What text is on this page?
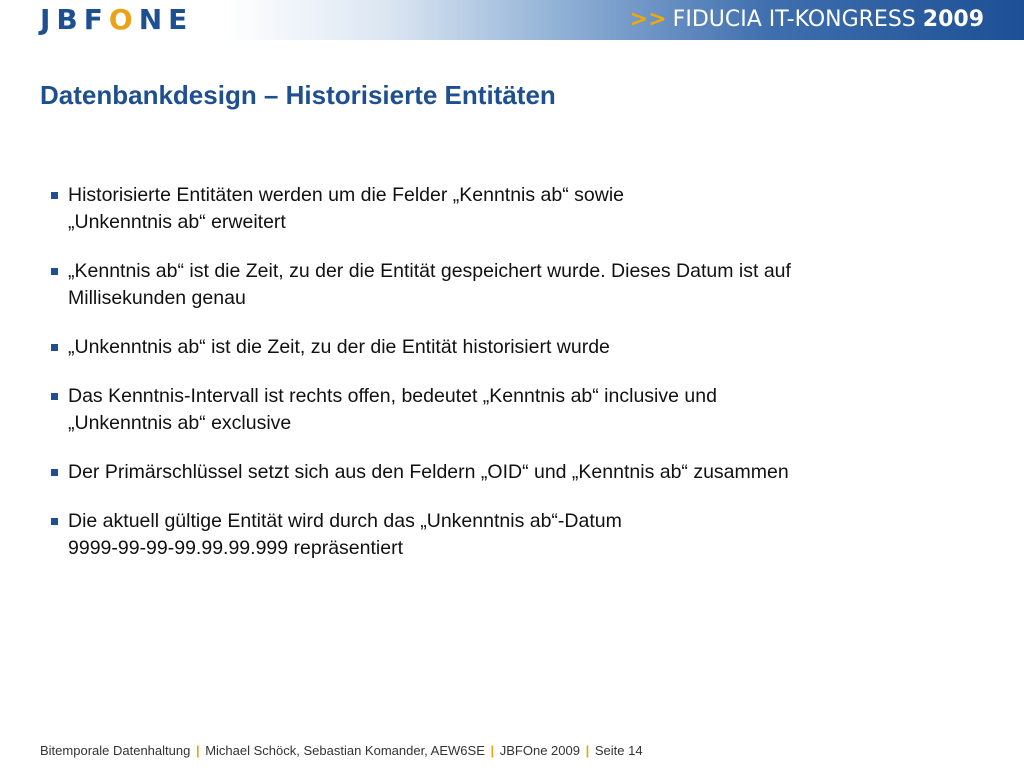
JBFONE	>> FIDUCIA IT-KONGRESS 2009
Datenbankdesign – Historisierte Entitäten
Historisierte Entitäten werden um die Felder „Kenntnis ab“ sowie
„Unkenntnis ab“ erweitert
„Kenntnis ab“ ist die Zeit, zu der die Entität gespeichert wurde. Dieses Datum ist auf
Millisekunden genau
„Unkenntnis ab“ ist die Zeit, zu der die Entität historisiert wurde
Das Kenntnis-Intervall ist rechts offen, bedeutet „Kenntnis ab“ inclusive und
„Unkenntnis ab“ exclusive
Der Primärschlüssel setzt sich aus den Feldern „OID“ und „Kenntnis ab“ zusammen
Die aktuell gültige Entität wird durch das „Unkenntnis ab“-Datum
9999-99-99-99.99.99.999 repräsentiert
Bitemporale Datenhaltung | Michael Schöck, Sebastian Komander, AEW6SE | JBFOne 2009 | Seite 14
